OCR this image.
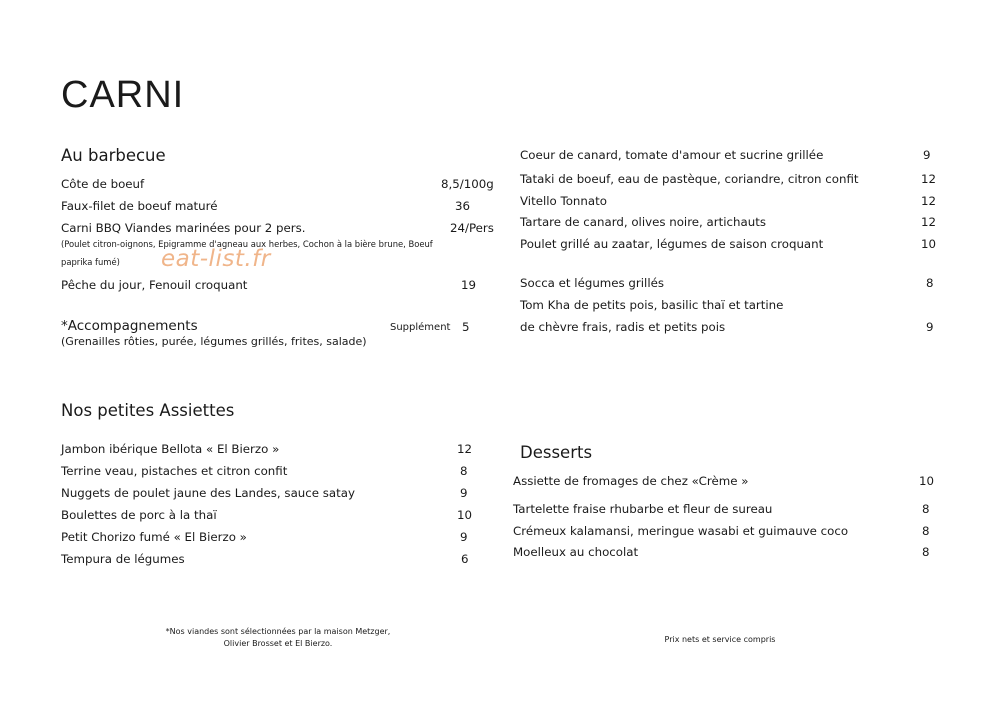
CARNI
eat-list.fr
Au barbecue
Côte de boeuf	8,5/100g
Faux-filet de boeuf maturé	36
Carni BBQ Viandes marinées pour 2 pers.	24/Pers
(Poulet citron-oignons, Epigramme d'agneau aux herbes, Cochon à la bière brune, Boeuf
paprika fumé)
Pêche du jour, Fenouil croquant	19
*Accompagnements	Supplément 5
(Grenailles rôties, purée, légumes grillés, frites, salade)
Nos petites Assiettes
Jambon ibérique Bellota « El Bierzo »	12
Terrine veau, pistaches et citron confit	8
Nuggets de poulet jaune des Landes, sauce satay	9
Boulettes de porc à la thaï	10
Petit Chorizo fumé « El Bierzo »	9
Tempura de légumes	6
Coeur de canard, tomate d'amour et sucrine grillée	9
Tataki de boeuf, eau de pastèque, coriandre, citron confit	12
Vitello Tonnato	12
Tartare de canard, olives noire, artichauts	12
Poulet grillé au zaatar, légumes de saison croquant	10
Socca et légumes grillés	8
Tom Kha de petits pois, basilic thaï et tartine
de chèvre frais, radis et petits pois	9
Desserts
Assiette de fromages de chez «Crème »	10
Tartelette fraise rhubarbe et fleur de sureau	8
Crémeux kalamansi, meringue wasabi et guimauve coco	8
Moelleux au chocolat	8
*Nos viandes sont sélectionnées par la maison Metzger,
Olivier Brosset et El Bierzo.	Prix nets et service compris
